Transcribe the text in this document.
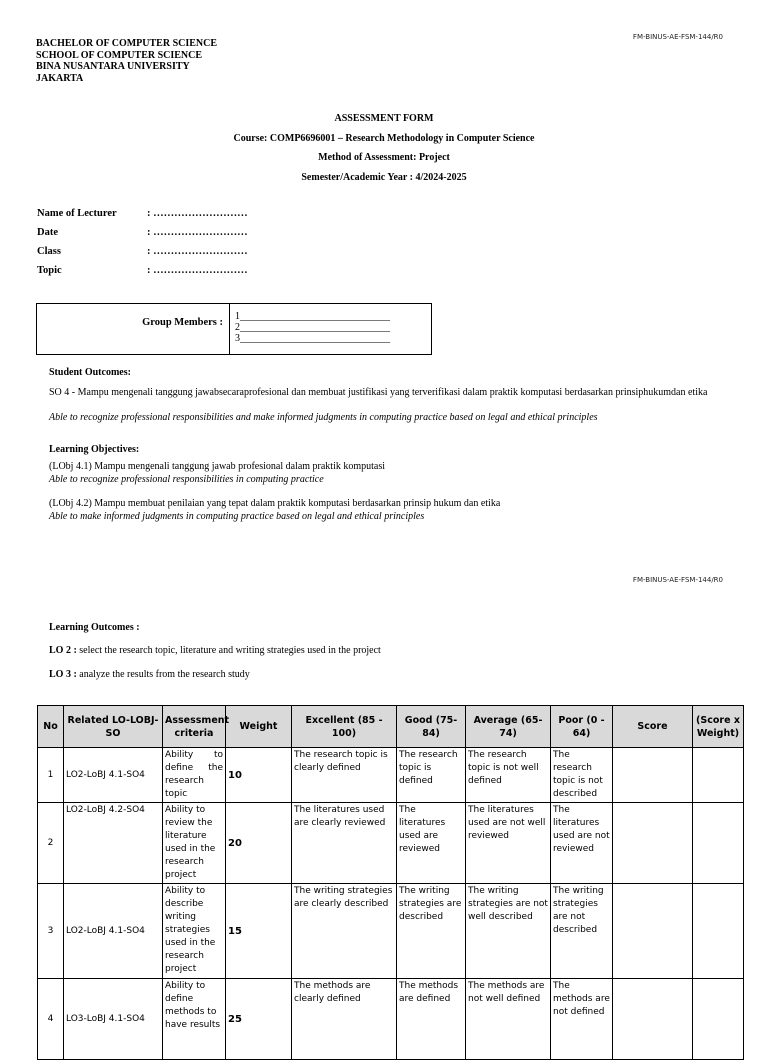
FM-BINUS-AE-FSM-144/R0
BACHELOR OF COMPUTER SCIENCE
SCHOOL OF COMPUTER SCIENCE
BINA NUSANTARA UNIVERSITY
JAKARTA
ASSESSMENT FORM
Course: COMP6696001 – Research Methodology in Computer Science
Method of Assessment: Project
Semester/Academic Year : 4/2024-2025
Name of Lecturer	: ………………………
Date	: ………………………
Class	: ………………………
Topic	: ………………………
Group Members :
1______________________________
2______________________________
3______________________________
Student Outcomes:
SO 4 - Mampu mengenali tanggung jawabsecaraprofesional dan membuat justifikasi yang terverifikasi dalam praktik komputasi berdasarkan prinsiphukumdan etika
Able to recognize professional responsibilities and make informed judgments in computing practice based on legal and ethical principles
Learning Objectives:
(LObj 4.1) Mampu mengenali tanggung jawab profesional dalam praktik komputasi
Able to recognize professional responsibilities in computing practice
(LObj 4.2) Mampu membuat penilaian yang tepat dalam praktik komputasi berdasarkan prinsip hukum dan etika
Able to make informed judgments in computing practice based on legal and ethical principles
FM-BINUS-AE-FSM-144/R0
Learning Outcomes :
LO 2 : select the research topic, literature and writing strategies used in the project
LO 3 : analyze the results from the research study
No	Related LO-LOBJ-SO	Assessment criteria	Weight	Excellent (85 - 100)	Good (75-84)	Average (65-74)	Poor (0 - 64)	Score	(Score x Weight)
1	LO2-LoBJ 4.1-SO4	Ability to define the research topic	10	The research topic is clearly defined	The research topic is defined	The research topic is not well defined	The research topic is not described		
2	LO2-LoBJ 4.2-SO4	Ability to review the literature used in the research project	20	The literatures used are clearly reviewed	The literatures used are reviewed	The literatures used are not well reviewed	The literatures used are not reviewed		
3	LO2-LoBJ 4.1-SO4	Ability to describe writing strategies used in the research project	15	The writing strategies are clearly described	The writing strategies are described	The writing strategies are not well described	The writing strategies are not described		
4	LO3-LoBJ 4.1-SO4	Ability to define methods to have results	25	The methods are clearly defined	The methods are defined	The methods are not well defined	The methods are not defined		
